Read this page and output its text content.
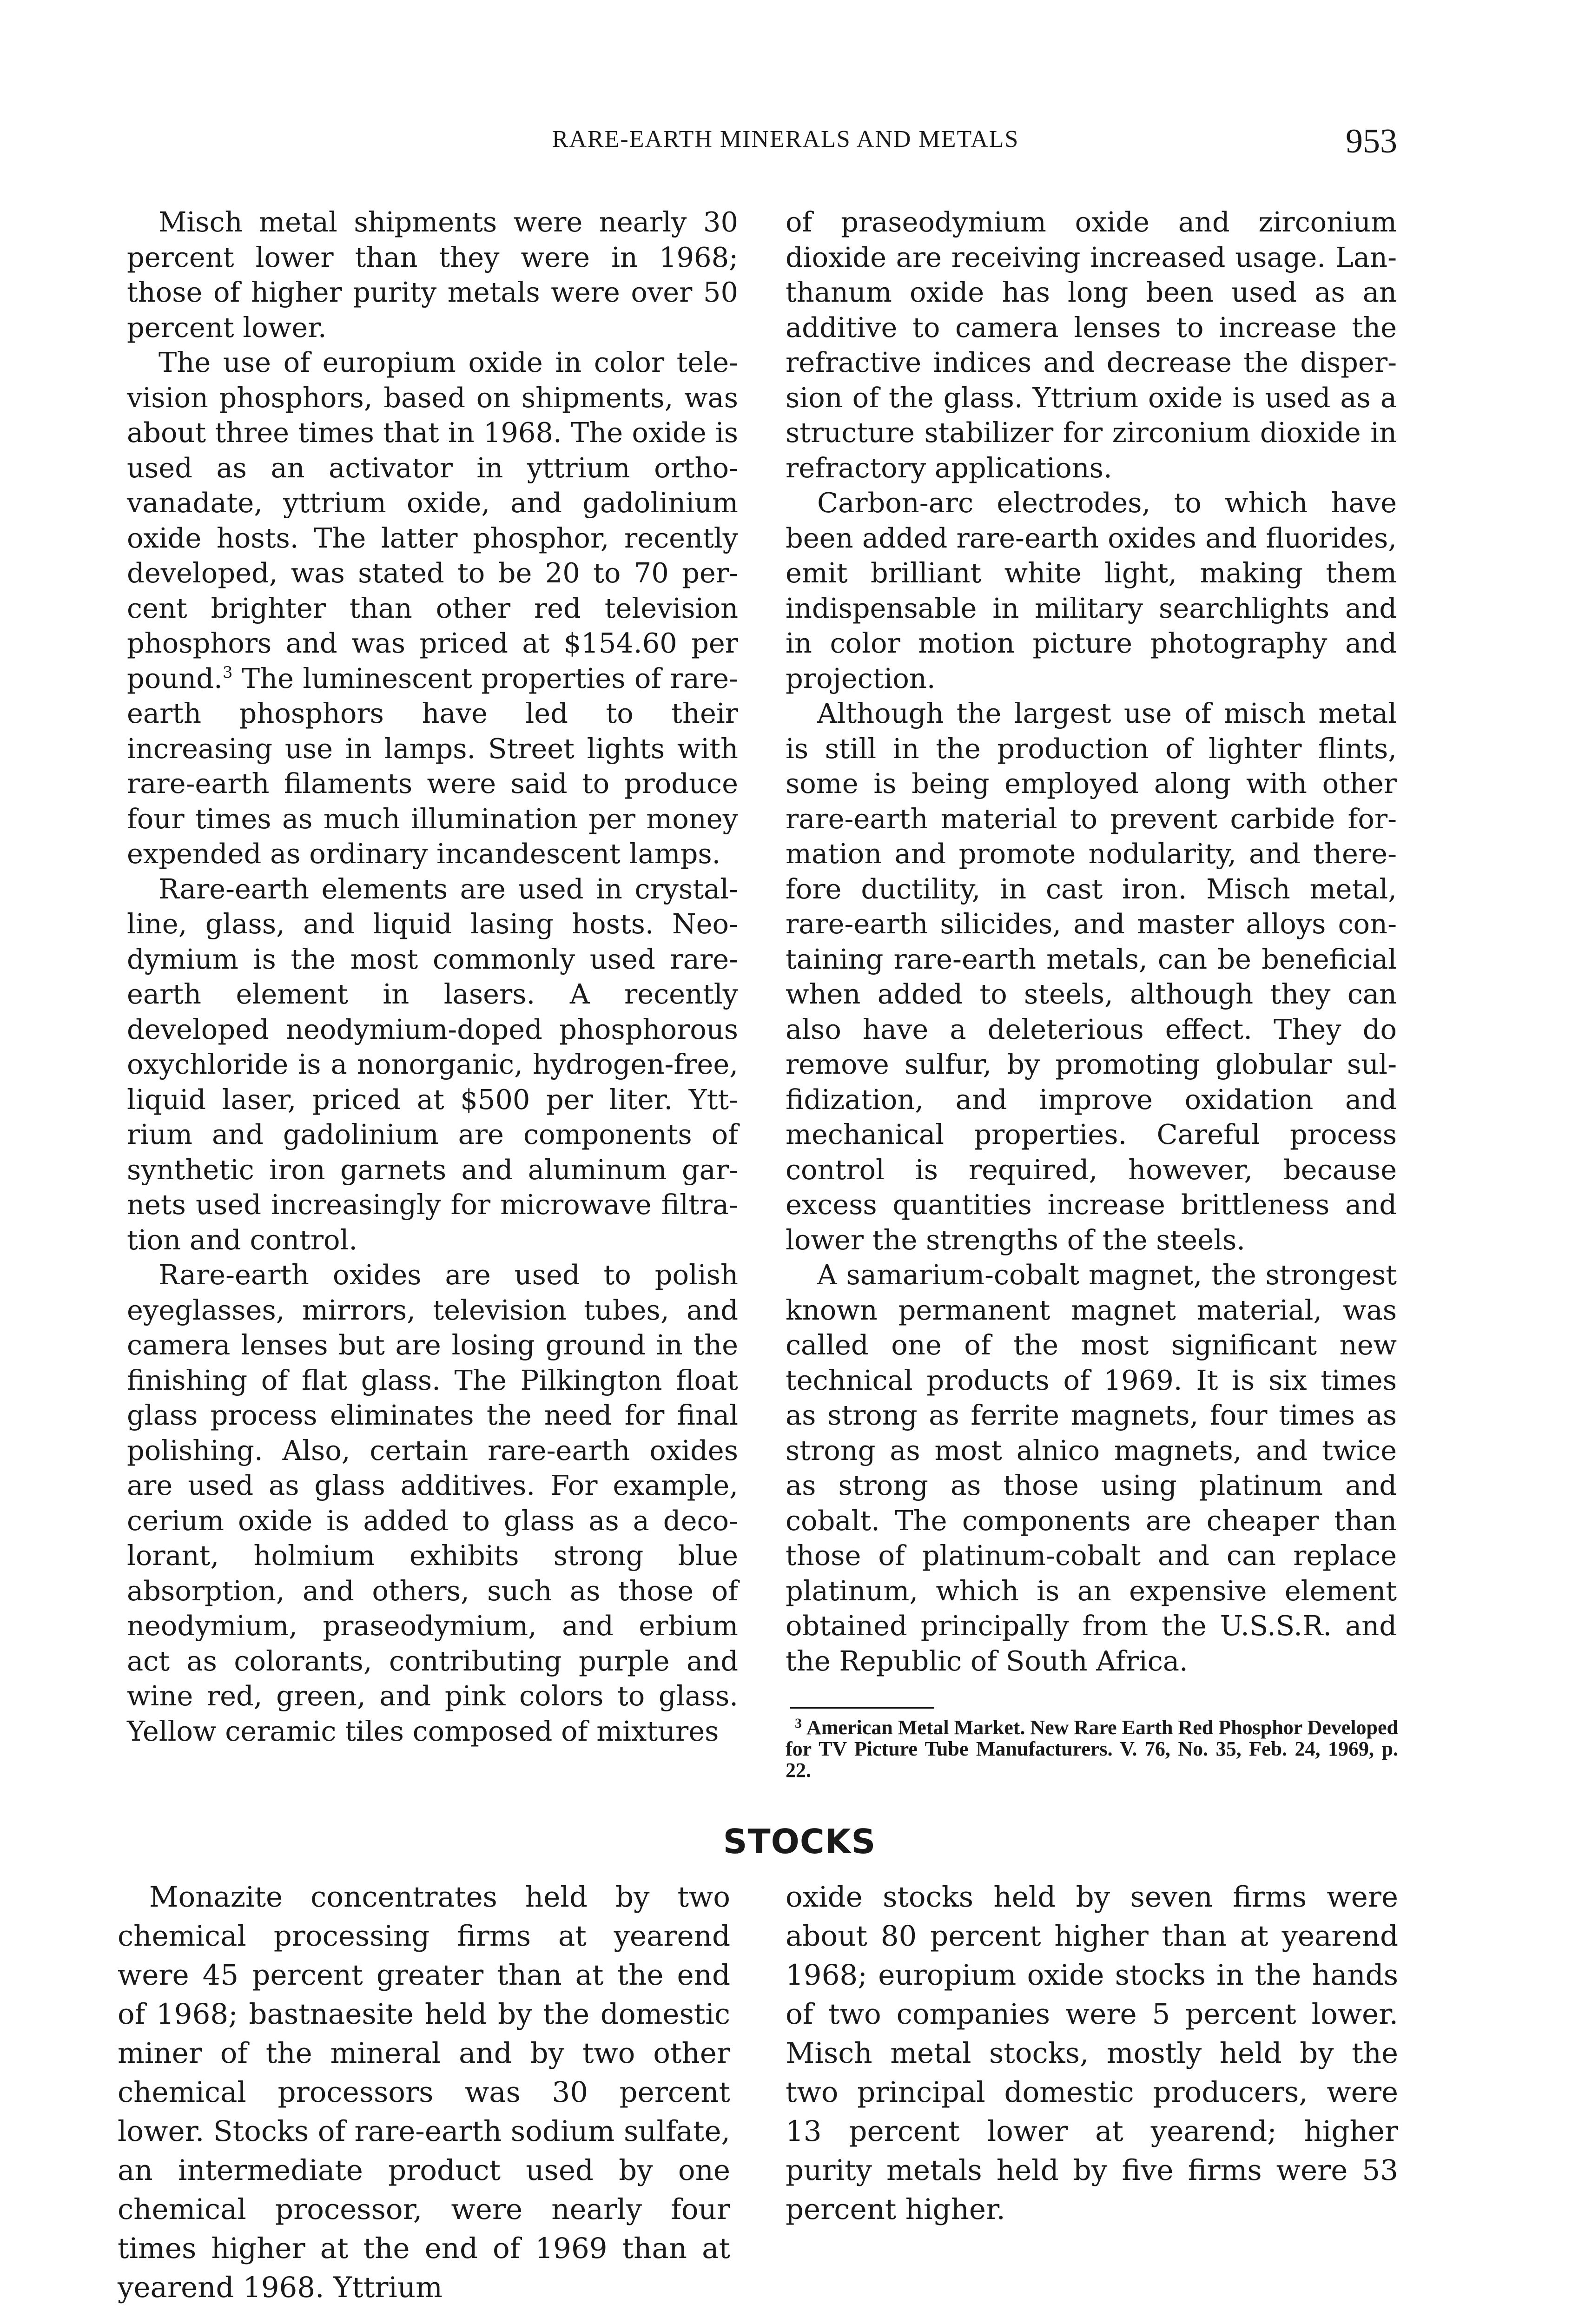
RARE-EARTH MINERALS AND METALS	953

Misch metal shipments were nearly 30 percent lower than they were in 1968; those of higher purity metals were over 50 percent lower.

The use of europium oxide in color television phosphors, based on shipments, was about three times that in 1968. The oxide is used as an activator in yttrium orthovanadate, yttrium oxide, and gadolinium oxide hosts. The latter phosphor, recently developed, was stated to be 20 to 70 percent brighter than other red television phosphors and was priced at $154.60 per pound.$^3$ The luminescent properties of rare-earth phosphors have led to their increasing use in lamps. Street lights with rare-earth filaments were said to produce four times as much illumination per money expended as ordinary incandescent lamps.

Rare-earth elements are used in crystalline, glass, and liquid lasing hosts. Neodymium is the most commonly used rare-earth element in lasers. A recently developed neodymium-doped phosphorous oxychloride is a nonorganic, hydrogen-free, liquid laser, priced at $500 per liter. Yttrium and gadolinium are components of synthetic iron garnets and aluminum garnets used increasingly for microwave filtration and control.

Rare-earth oxides are used to polish eyeglasses, mirrors, television tubes, and camera lenses but are losing ground in the finishing of flat glass. The Pilkington float glass process eliminates the need for final polishing. Also, certain rare-earth oxides are used as glass additives. For example, cerium oxide is added to glass as a decolorant, holmium exhibits strong blue absorption, and others, such as those of neodymium, praseodymium, and erbium act as colorants, contributing purple and wine red, green, and pink colors to glass. Yellow ceramic tiles composed of mixtures

of praseodymium oxide and zirconium dioxide are receiving increased usage. Lanthanum oxide has long been used as an additive to camera lenses to increase the refractive indices and decrease the dispersion of the glass. Yttrium oxide is used as a structure stabilizer for zirconium dioxide in refractory applications.

Carbon-arc electrodes, to which have been added rare-earth oxides and fluorides, emit brilliant white light, making them indispensable in military searchlights and in color motion picture photography and projection.

Although the largest use of misch metal is still in the production of lighter flints, some is being employed along with other rare-earth material to prevent carbide formation and promote nodularity, and therefore ductility, in cast iron. Misch metal, rare-earth silicides, and master alloys containing rare-earth metals, can be beneficial when added to steels, although they can also have a deleterious effect. They do remove sulfur, by promoting globular sulfidization, and improve oxidation and mechanical properties. Careful process control is required, however, because excess quantities increase brittleness and lower the strengths of the steels.

A samarium-cobalt magnet, the strongest known permanent magnet material, was called one of the most significant new technical products of 1969. It is six times as strong as ferrite magnets, four times as strong as most alnico magnets, and twice as strong as those using platinum and cobalt. The components are cheaper than those of platinum-cobalt and can replace platinum, which is an expensive element obtained principally from the U.S.S.R. and the Republic of South Africa.

$^3$ American Metal Market. New Rare Earth Red Phosphor Developed for TV Picture Tube Manufacturers. V. 76, No. 35, Feb. 24, 1969, p. 22.
STOCKS

Monazite concentrates held by two chemical processing firms at yearend were 45 percent greater than at the end of 1968; bastnaesite held by the domestic miner of the mineral and by two other chemical processors was 30 percent lower. Stocks of rare-earth sodium sulfate, an intermediate product used by one chemical processor, were nearly four times higher at the end of 1969 than at yearend 1968. Yttrium

oxide stocks held by seven firms were about 80 percent higher than at yearend 1968; europium oxide stocks in the hands of two companies were 5 percent lower. Misch metal stocks, mostly held by the two principal domestic producers, were 13 percent lower at yearend; higher purity metals held by five firms were 53 percent higher.
